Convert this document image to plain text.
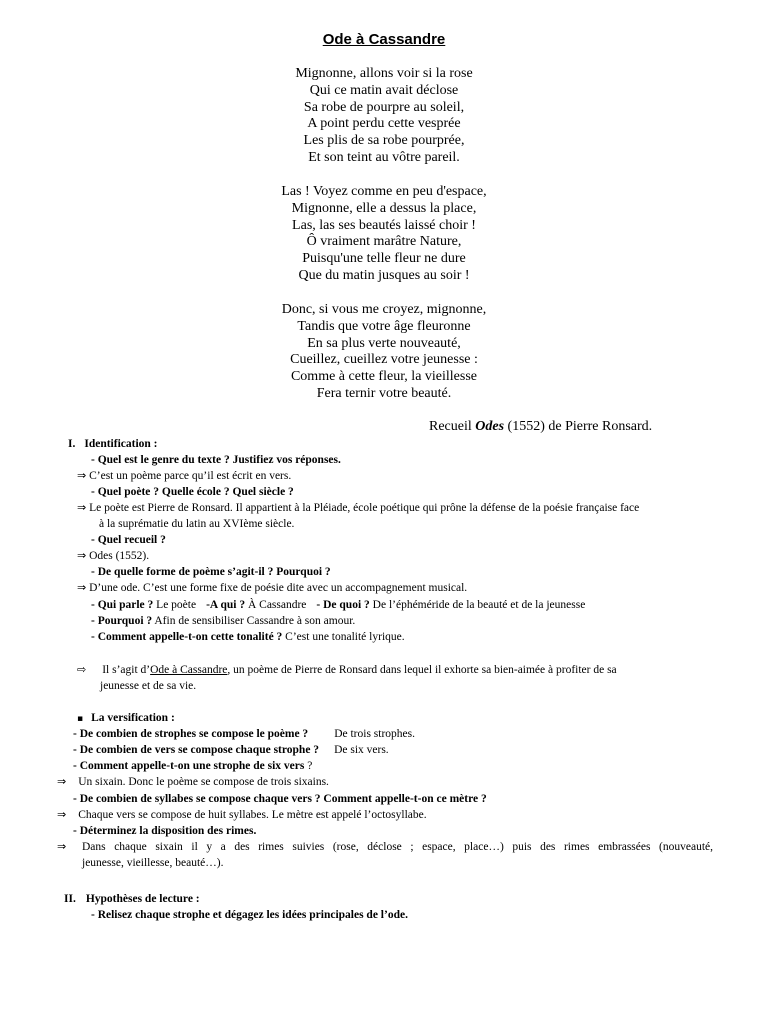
Ode à Cassandre
Mignonne, allons voir si la rose
Qui ce matin avait déclose
Sa robe de pourpre au soleil,
A point perdu cette vesprée
Les plis de sa robe pourprée,
Et son teint au vôtre pareil.
Las ! Voyez comme en peu d'espace,
Mignonne, elle a dessus la place,
Las, las ses beautés laissé choir !
Ô vraiment marâtre Nature,
Puisqu'une telle fleur ne dure
Que du matin jusques au soir !
Donc, si vous me croyez, mignonne,
Tandis que votre âge fleuronne
En sa plus verte nouveauté,
Cueillez, cueillez votre jeunesse :
Comme à cette fleur, la vieillesse
Fera ternir votre beauté.
Recueil Odes (1552) de Pierre Ronsard.
I. Identification :
- Quel est le genre du texte ? Justifiez vos réponses.
⇒ C’est un poème parce qu’il est écrit en vers.
- Quel poète ? Quelle école ? Quel siècle ?
⇒ Le poète est Pierre de Ronsard. Il appartient à la Pléiade, école poétique qui prône la défense de la poésie française face
à la suprématie du latin au XVIème siècle.
- Quel recueil ?
⇒ Odes (1552).
- De quelle forme de poème s’agit-il ? Pourquoi ?
⇒ D’une ode. C’est une forme fixe de poésie dite avec un accompagnement musical.
- Qui parle ? Le poète -A qui ? À Cassandre - De quoi ? De l’éphéméride de la beauté et de la jeunesse
- Pourquoi ? Afin de sensibiliser Cassandre à son amour.
- Comment appelle-t-on cette tonalité ? C’est une tonalité lyrique.
⇨ Il s’agit d’Ode à Cassandre, un poème de Pierre de Ronsard dans lequel il exhorte sa bien-aimée à profiter de sa
jeunesse et de sa vie.
▪ La versification :
- De combien de strophes se compose le poème ? De trois strophes.
- De combien de vers se compose chaque strophe ? De six vers.
- Comment appelle-t-on une strophe de six vers ?
⇒ Un sixain. Donc le poème se compose de trois sixains.
- De combien de syllabes se compose chaque vers ? Comment appelle-t-on ce mètre ?
⇒ Chaque vers se compose de huit syllabes. Le mètre est appelé l’octosyllabe.
- Déterminez la disposition des rimes.
⇒ Dans chaque sixain il y a des rimes suivies (rose, déclose ; espace, place…) puis des rimes embrassées (nouveauté,
jeunesse, vieillesse, beauté…).
II. Hypothèses de lecture :
- Relisez chaque strophe et dégagez les idées principales de l’ode.
